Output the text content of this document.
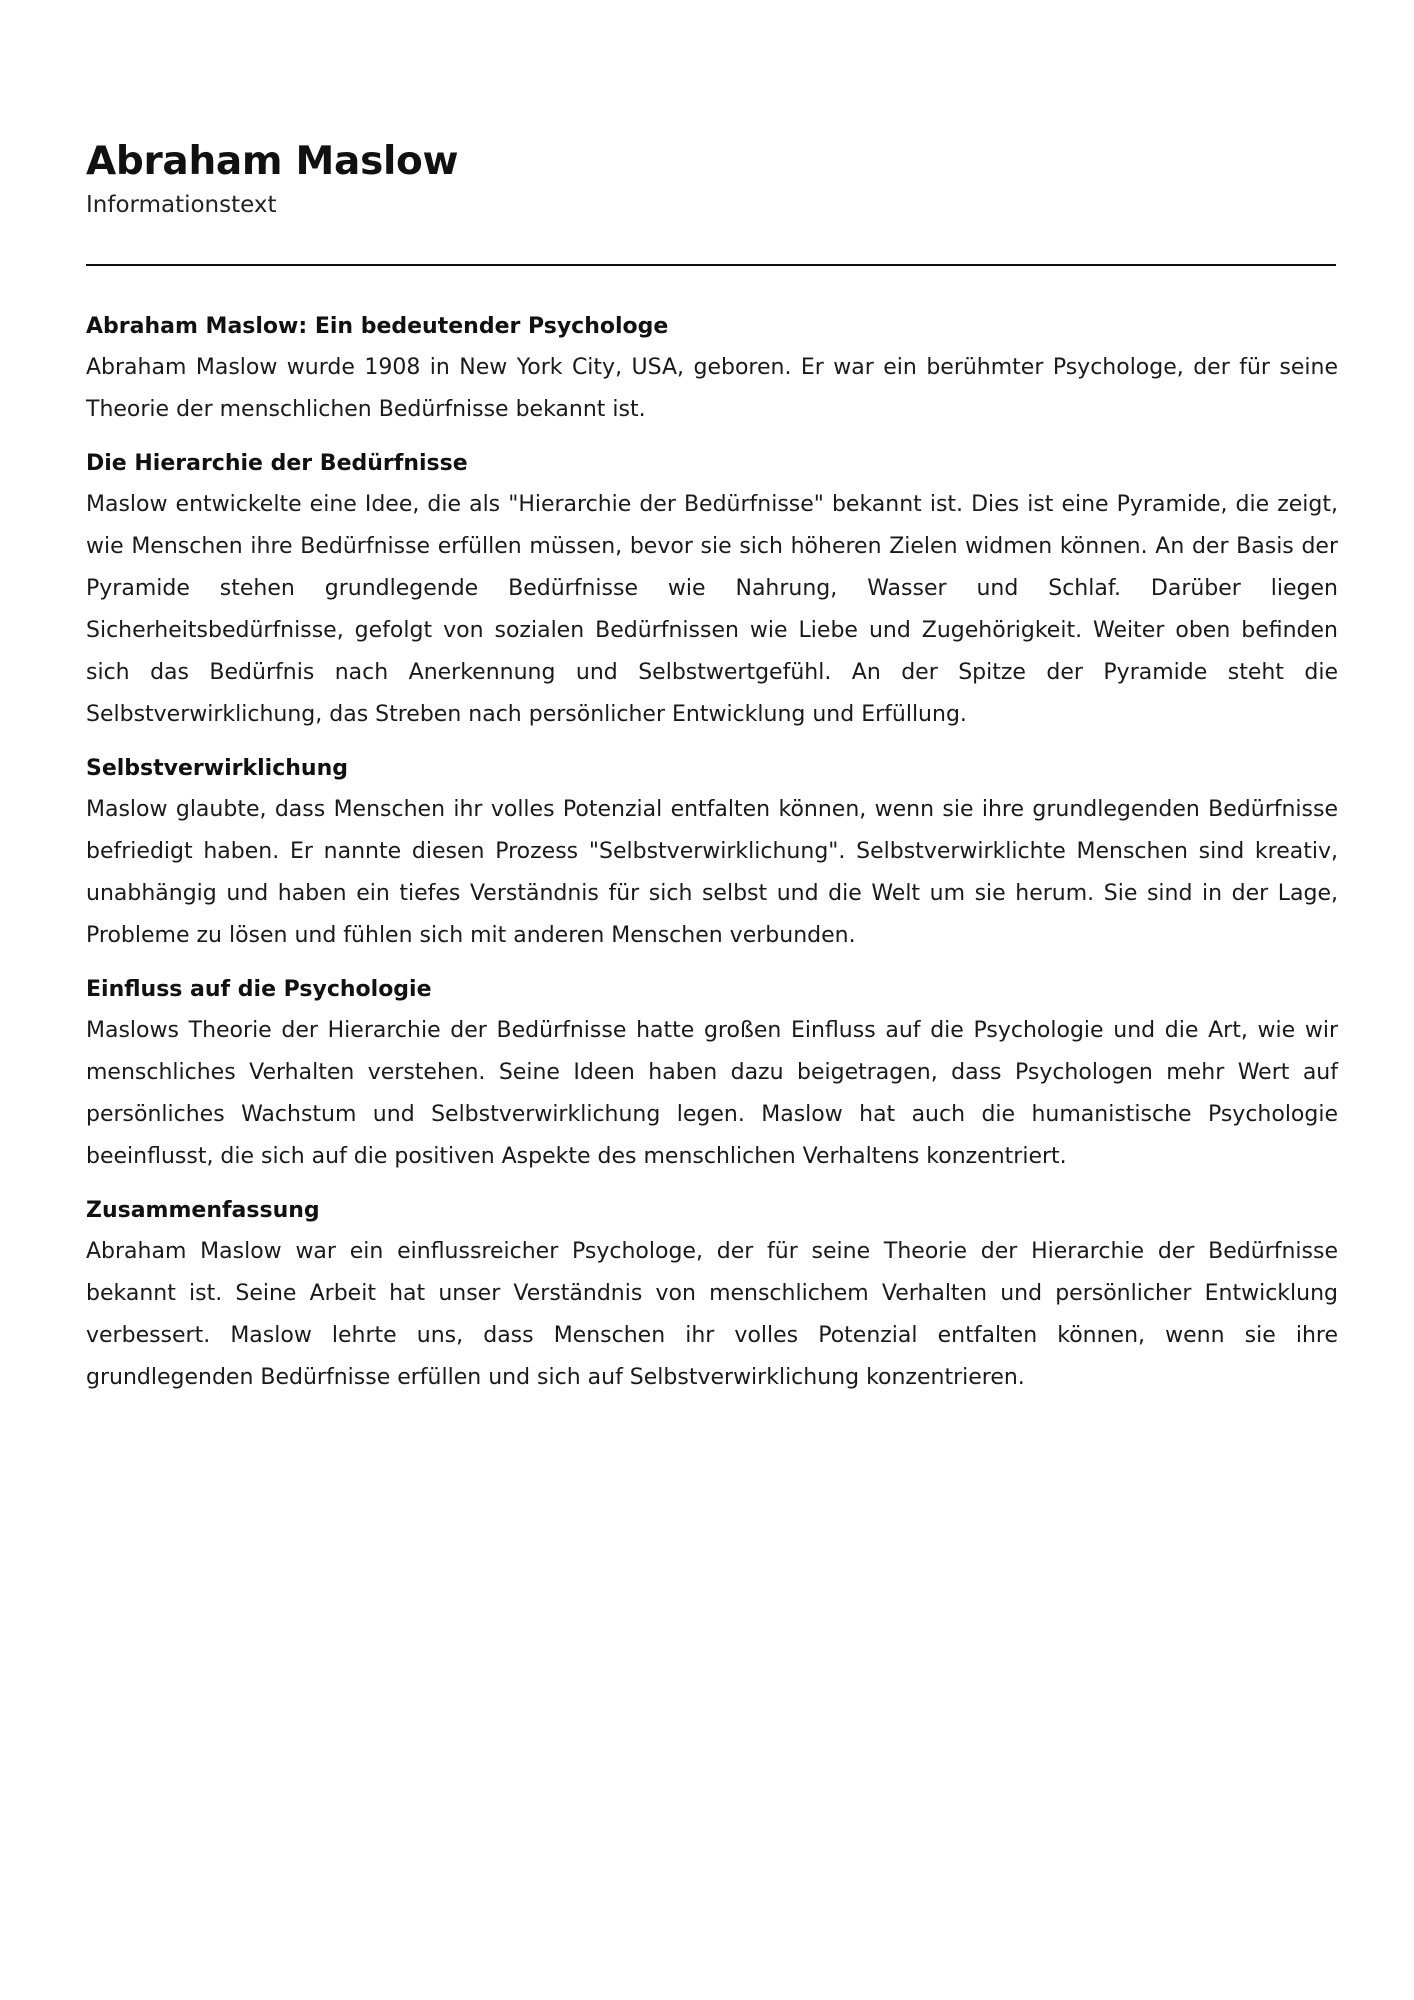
Abraham Maslow
Informationstext
Abraham Maslow: Ein bedeutender Psychologe

Abraham Maslow wurde 1908 in New York City, USA, geboren. Er war ein berühmter Psychologe, der für seine Theorie der menschlichen Bedürfnisse bekannt ist.

Die Hierarchie der Bedürfnisse

Maslow entwickelte eine Idee, die als "Hierarchie der Bedürfnisse" bekannt ist. Dies ist eine Pyramide, die zeigt, wie Menschen ihre Bedürfnisse erfüllen müssen, bevor sie sich höheren Zielen widmen können. An der Basis der Pyramide stehen grundlegende Bedürfnisse wie Nahrung, Wasser und Schlaf. Darüber liegen Sicherheitsbedürfnisse, gefolgt von sozialen Bedürfnissen wie Liebe und Zugehörigkeit. Weiter oben befinden sich das Bedürfnis nach Anerkennung und Selbstwertgefühl. An der Spitze der Pyramide steht die Selbstverwirklichung, das Streben nach persönlicher Entwicklung und Erfüllung.

Selbstverwirklichung

Maslow glaubte, dass Menschen ihr volles Potenzial entfalten können, wenn sie ihre grundlegenden Bedürfnisse befriedigt haben. Er nannte diesen Prozess "Selbstverwirklichung". Selbstverwirklichte Menschen sind kreativ, unabhängig und haben ein tiefes Verständnis für sich selbst und die Welt um sie herum. Sie sind in der Lage, Probleme zu lösen und fühlen sich mit anderen Menschen verbunden.

Einfluss auf die Psychologie

Maslows Theorie der Hierarchie der Bedürfnisse hatte großen Einfluss auf die Psychologie und die Art, wie wir menschliches Verhalten verstehen. Seine Ideen haben dazu beigetragen, dass Psychologen mehr Wert auf persönliches Wachstum und Selbstverwirklichung legen. Maslow hat auch die humanistische Psychologie beeinflusst, die sich auf die positiven Aspekte des menschlichen Verhaltens konzentriert.

Zusammenfassung

Abraham Maslow war ein einflussreicher Psychologe, der für seine Theorie der Hierarchie der Bedürfnisse bekannt ist. Seine Arbeit hat unser Verständnis von menschlichem Verhalten und persönlicher Entwicklung verbessert. Maslow lehrte uns, dass Menschen ihr volles Potenzial entfalten können, wenn sie ihre grundlegenden Bedürfnisse erfüllen und sich auf Selbstverwirklichung konzentrieren.
